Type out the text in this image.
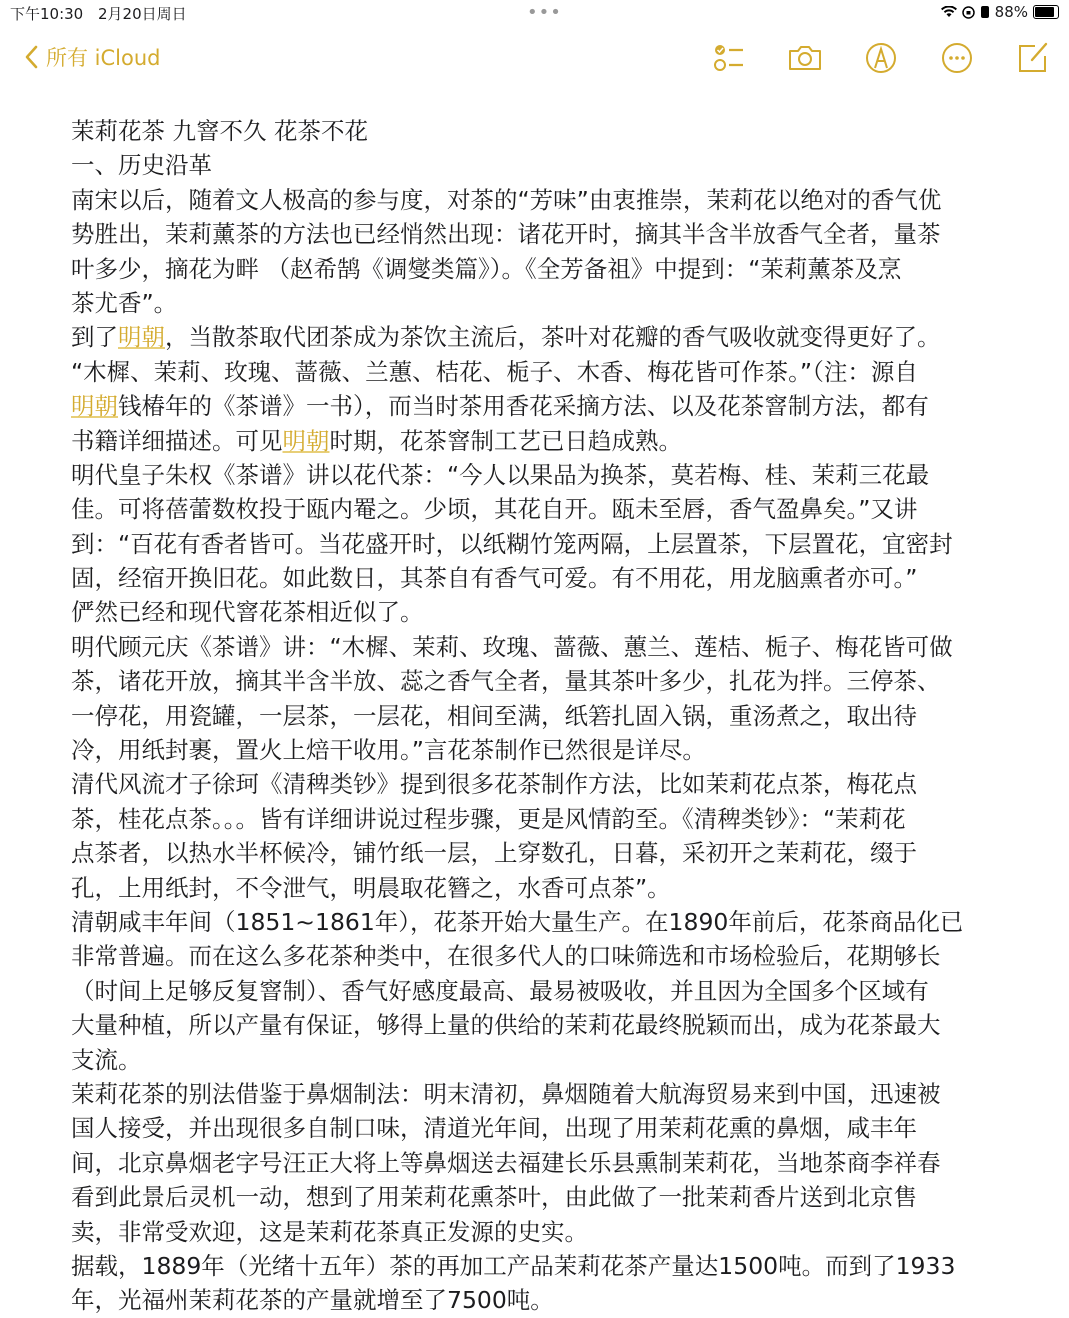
下午10:30 2月20日周日	•••	88%
所有 iCloud
茉莉花茶 九窨不久 花茶不花
一、历史沿革
南宋以后，随着文人极高的参与度，对茶的“芳味”由衷推崇，茉莉花以绝对的香气优
势胜出，茉莉薰茶的方法也已经悄然出现：诸花开时，摘其半含半放香气全者，量茶
叶多少，摘花为畔 （赵希鹄《调燮类篇》）。《全芳备祖》中提到：“茉莉薰茶及烹
茶尤香”。
到了明朝，当散茶取代团茶成为茶饮主流后，茶叶对花瓣的香气吸收就变得更好了。
“木樨、茉莉、玫瑰、蔷薇、兰蕙、桔花、栀子、木香、梅花皆可作茶。”（注：源自
明朝钱椿年的《茶谱》一书），而当时茶用香花采摘方法、以及花茶窨制方法，都有
书籍详细描述。可见明朝时期，花茶窨制工艺已日趋成熟。
明代皇子朱权《茶谱》讲以花代茶：“今人以果品为换茶，莫若梅、桂、茉莉三花最
佳。可将蓓蕾数枚投于瓯内罨之。少顷，其花自开。瓯未至唇，香气盈鼻矣。”又讲
到：“百花有香者皆可。当花盛开时，以纸糊竹笼两隔，上层置茶，下层置花，宜密封
固，经宿开换旧花。如此数日，其茶自有香气可爱。有不用花，用龙脑熏者亦可。”
俨然已经和现代窨花茶相近似了。
明代顾元庆《茶谱》讲：“木樨、茉莉、玫瑰、蔷薇、蕙兰、莲桔、栀子、梅花皆可做
茶，诸花开放，摘其半含半放、蕊之香气全者，量其茶叶多少，扎花为拌。三停茶、
一停花，用瓷罐，一层茶，一层花，相间至满，纸箬扎固入锅，重汤煮之，取出待
冷，用纸封裹，置火上焙干收用。”言花茶制作已然很是详尽。
清代风流才子徐珂《清稗类钞》提到很多花茶制作方法，比如茉莉花点茶，梅花点
茶，桂花点茶。。。皆有详细讲说过程步骤，更是风情韵至。《清稗类钞》：“茉莉花
点茶者，以热水半杯候冷，铺竹纸一层，上穿数孔，日暮，采初开之茉莉花，缀于
孔，上用纸封，不令泄气，明晨取花簪之，水香可点茶”。
清朝咸丰年间（1851~1861年），花茶开始大量生产。在1890年前后，花茶商品化已
非常普遍。而在这么多花茶种类中，在很多代人的口味筛选和市场检验后，花期够长
（时间上足够反复窨制）、香气好感度最高、最易被吸收，并且因为全国多个区域有
大量种植，所以产量有保证，够得上量的供给的茉莉花最终脱颖而出，成为花茶最大
支流。
茉莉花茶的别法借鉴于鼻烟制法：明末清初，鼻烟随着大航海贸易来到中国，迅速被
国人接受，并出现很多自制口味，清道光年间，出现了用茉莉花熏的鼻烟，咸丰年
间，北京鼻烟老字号汪正大将上等鼻烟送去福建长乐县熏制茉莉花，当地茶商李祥春
看到此景后灵机一动，想到了用茉莉花熏茶叶，由此做了一批茉莉香片送到北京售
卖，非常受欢迎，这是茉莉花茶真正发源的史实。
据载，1889年（光绪十五年）茶的再加工产品茉莉花茶产量达1500吨。而到了1933
年，光福州茉莉花茶的产量就增至了7500吨。
